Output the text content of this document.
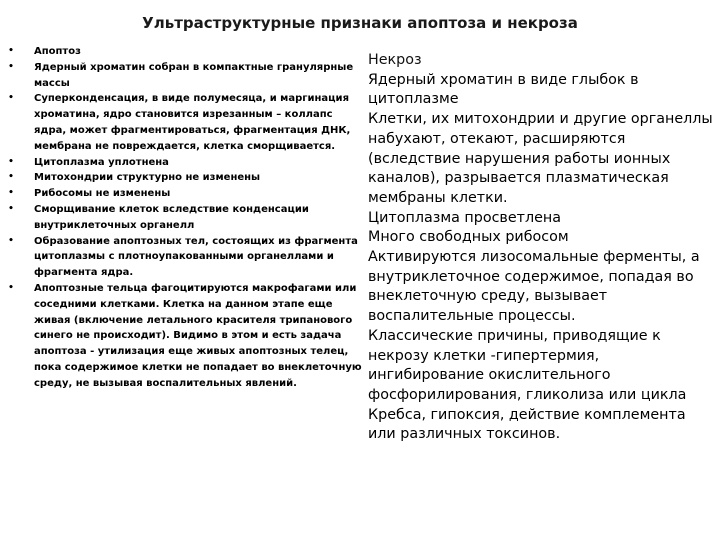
Ультраструктурные признаки апоптоза и некроза
• Апоптоз
• Ядерный хроматин собран в компактные гранулярные массы
• Суперконденсация, в виде полумесяца, и маргинация хроматина, ядро становится изрезанным – коллапс ядра, может фрагментироваться, фрагментация ДНК, мембрана не повреждается, клетка сморщивается.
• Цитоплазма уплотнена
• Митохондрии структурно не изменены
• Рибосомы не изменены
• Сморщивание клеток вследствие конденсации внутриклеточных органелл
• Образование апоптозных тел, состоящих из фрагмента цитоплазмы с плотноупакованными органеллами и фрагмента ядра.
• Апоптозные тельца фагоцитируются макрофагами или соседними клетками. Клетка на данном этапе еще живая (включение летального красителя трипанового синего не происходит). Видимо в этом и есть задача апоптоза - утилизация еще живых апоптозных телец, пока содержимое клетки не попадает во внеклеточную среду, не вызывая воспалительных явлений.

Некроз

Ядерный хроматин в виде глыбок в цитоплазме

Клетки, их митохондрии и другие органеллы набухают, отекают, расширяются (вследствие нарушения работы ионных каналов), разрывается плазматическая мембраны клетки.

Цитоплазма просветлена

Много свободных рибосом

Активируются лизосомальные ферменты, а внутриклеточное содержимое, попадая во внеклеточную среду, вызывает воспалительные процессы.

Классические причины, приводящие к некрозу клетки -гипертермия, ингибирование окислительного фосфорилирования, гликолиза или цикла Кребса, гипоксия, действие комплемента или различных токсинов.
